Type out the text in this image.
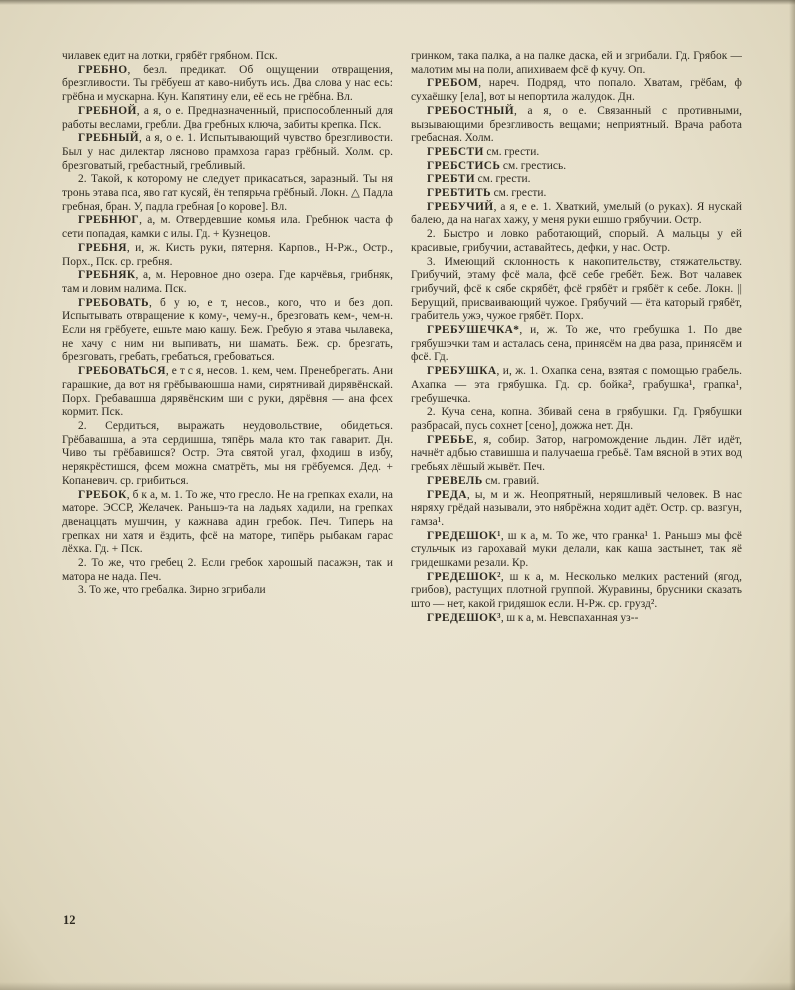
чилавек едит на лотки, грябёт грябном. Пск.

ГРЕБНО, безл. предикат. Об ощущении отвращения, брезгливости. Ты грёбуеш ат каво-нибуть ись. Два слова у нас есь: грёбна и мускарна. Кун. Капятину ели, её есь не грёбна. Вл.

ГРЕБНОЙ, а я, о е. Предназначенный, приспособленный для работы веслами, гребли. Два гребных ключа, забиты крепка. Пск.

ГРЕБНЫЙ, а я, о е. 1. Испытывающий чувство брезгливости. Был у нас дилектар лясново прамхоза гараз грёбный. Холм. ср. брезговатый, гребастный, гребливый.

2. Такой, к которому не следует прикасаться, заразный. Ты ня тронь этава пса, яво гат кусяй, ён тепярьча грёбный. Локн. △ Падла гребная, бран. У, падла гребная [о корове]. Вл.

ГРЕБНЮГ, а, м. Отвердевшие комья ила. Гребнюк часта ф сети попадая, камки с илы. Гд. + Кузнецов.

ГРЕБНЯ, и, ж. Кисть руки, пятерня. Карпов., Н-Рж., Остр., Порх., Пск. ср. гребня.

ГРЕБНЯК, а, м. Неровное дно озера. Где карчёвья, грибняк, там и ловим налима. Пск.

ГРЕБОВАТЬ, б у ю, е т, несов., кого, что и без доп. Испытывать отвращение к кому-, чему-н., брезговать кем-, чем-н. Если ня грёбуете, ешьте маю кашу. Беж. Гребую я этава чылавека, не хачу с ним ни выпивать, ни шамать. Беж. ср. брезгать, брезговать, гребать, гребаться, гребоваться.

ГРЕБОВАТЬСЯ, е т с я, несов. 1. кем, чем. Пренебрегать. Ани гарашкие, да вот ня грёбываюшша нами, сирятнивай дирявёнскай. Порх. Гребавашша дярявёнским ши с руки, дярёвня — ана фсех кормит. Пск.

2. Сердиться, выражать неудовольствие, обидеться. Грёбавашша, а эта сердишша, тяпёрь мала кто так гаварит. Дн. Чиво ты грёбавишся? Остр. Эта святой угал, фходиш в избу, нерякрёстишся, фсем можна сматрёть, мы ня грёбуемся. Дед. + Копаневич. ср. грибиться.

ГРЕБОК, б к а, м. 1. То же, что гресло. Не на грепках ехали, на маторе. ЭССР, Желачек. Раньшэ-та на ладьях хадили, на грепках двенаццать мушчин, у кажнава адин гребок. Печ. Типерь на грепках ни хатя и ёздить, фсё на маторе, типёрь рыбакам гарас лёхка. Гд. + Пск.

2. То же, что гребец 2. Если гребок харошый пасажэн, так и матора не нада. Печ.

3. То же, что гребалка. Зирно згрибали

гринком, така палка, а на палке даска, ей и згрибали. Гд. Грябок — малотим мы на поли, апихиваем фсё ф кучу. Оп.

ГРЕБОМ, нареч. Подряд, что попало. Хватам, грёбам, ф сухаёшку [ела], вот ы непортила жалудок. Дн.

ГРЕБОСТНЫЙ, а я, о е. Связанный с противными, вызывающими брезгливость вещами; неприятный. Врача работа гребасная. Холм.

ГРЕБСТИ см. грести.

ГРЕБСТИСЬ см. грестись.

ГРЕБТИ см. грести.

ГРЕБТИТЬ см. грести.

ГРЕБУЧИЙ, а я, е е. 1. Хваткий, умелый (о руках). Я нускай балею, да на нагах хажу, у меня руки ешшо грябучии. Остр.

2. Быстро и ловко работающий, спорый. А мальцы у ей красивые, грибучии, аставайтесь, дефки, у нас. Остр.

3. Имеющий склонность к накопительству, стяжательству. Грибучий, этаму фсё мала, фсё себе гребёт. Беж. Вот чалавек грибучий, фсё к сябе скрябёт, фсё грябёт и грябёт к себе. Локн. || Берущий, присваивающий чужое. Грябучий — ёта каторый грябёт, грабитель ужэ, чужое грябёт. Порх.

ГРЕБУШЕЧКА*, и, ж. То же, что гребушка 1. По две грябушэчки там и асталась сена, принясём на два раза, принясём и фсё. Гд.

ГРЕБУШКА, и, ж. 1. Охапка сена, взятая с помощью грабель. Ахапка — эта грябушка. Гд. ср. бойка², грабушка¹, грапка¹, гребушечка.

2. Куча сена, копна. Збивай сена в грябушки. Гд. Грябушки разбрасай, пусь сохнет [сено], дожжа нет. Дн.

ГРЕБЬЕ, я, собир. Затор, нагромождение льдин. Лёт идёт, начнёт адбью ставишша и палучаеша гребьё. Там вясной в этих вод гребьях лёшый жывёт. Печ.

ГРЕВЕЛЬ см. гравий.

ГРЕДА, ы, м и ж. Неопрятный, неряшливый человек. В нас няряху грёдай называли, это нябрёжна ходит адёт. Остр. ср. вазгун, гамза¹.

ГРЕДЕШОК¹, ш к а, м. То же, что гранка¹ 1. Раньшэ мы фсё стульчык из гарохавай муки делали, как каша застынет, так яё гридешками резали. Кр.

ГРЕДЕШОК², ш к а, м. Несколько мелких растений (ягод, грибов), растущих плотной группой. Журавины, брусники сказать што — нет, какой гридяшок если. Н-Рж. ср. грузд².

ГРЕДЕШОК³, ш к а, м. Невспаханная уз--

12
